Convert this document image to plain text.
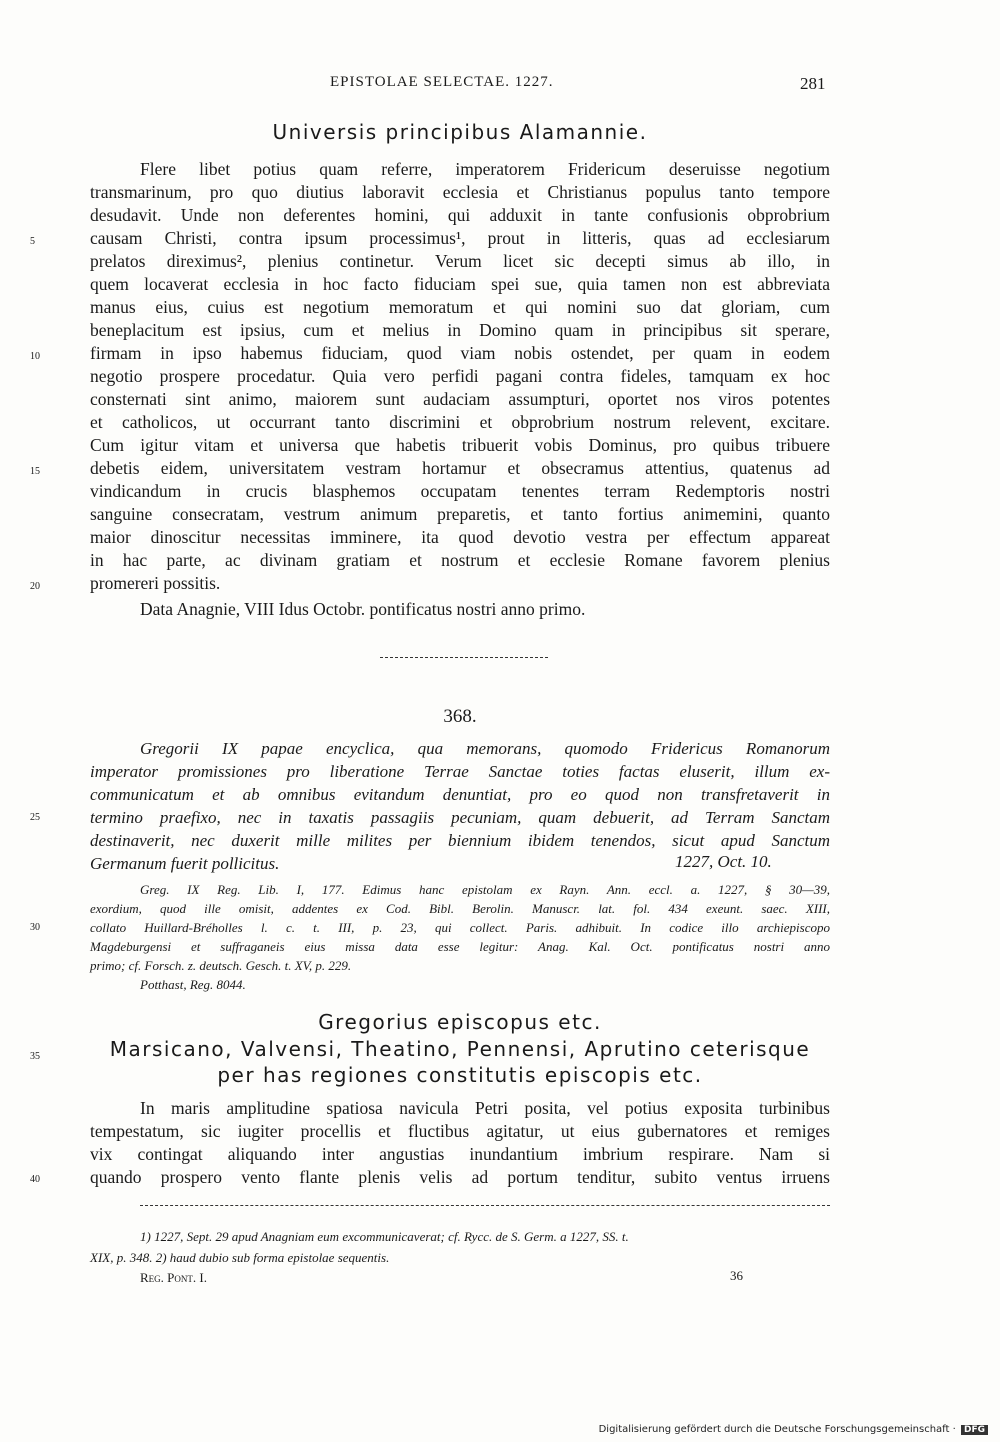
EPISTOLAE SELECTAE. 1227.	281
Universis principibus Alamannie.
Flere libet potius quam referre, imperatorem Fridericum deseruisse negotium
transmarinum, pro quo diutius laboravit ecclesia et Christianus populus tanto tempore
desudavit. Unde non deferentes homini, qui adduxit in tante confusionis obprobrium
causam Christi, contra ipsum processimus¹, prout in litteris, quas ad ecclesiarum
prelatos direximus², plenius continetur. Verum licet sic decepti simus ab illo, in
quem locaverat ecclesia in hoc facto fiduciam spei sue, quia tamen non est abbreviata
manus eius, cuius est negotium memoratum et qui nomini suo dat gloriam, cum
beneplacitum est ipsius, cum et melius in Domino quam in principibus sit sperare,
firmam in ipso habemus fiduciam, quod viam nobis ostendet, per quam in eodem
negotio prospere procedatur. Quia vero perfidi pagani contra fideles, tamquam ex hoc
consternati sint animo, maiorem sunt audaciam assumpturi, oportet nos viros potentes
et catholicos, ut occurrant tanto discrimini et obprobrium nostrum relevent, excitare.
Cum igitur vitam et universa que habetis tribuerit vobis Dominus, pro quibus tribuere
debetis eidem, universitatem vestram hortamur et obsecramus attentius, quatenus ad
vindicandum in crucis blasphemos occupatam tenentes terram Redemptoris nostri
sanguine consecratam, vestrum animum preparetis, et tanto fortius animemini, quanto
maior dinoscitur necessitas imminere, ita quod devotio vestra per effectum appareat
in hac parte, ac divinam gratiam et nostrum et ecclesie Romane favorem plenius
promereri possitis.
Data Anagnie, VIII Idus Octobr. pontificatus nostri anno primo.
5
10
15
20
25
30
35
40
368.
Gregorii IX papae encyclica, qua memorans, quomodo Fridericus Romanorum
imperator promissiones pro liberatione Terrae Sanctae toties factas eluserit, illum ex-
communicatum et ab omnibus evitandum denuntiat, pro eo quod non transfretaverit in
termino praefixo, nec in taxatis passagiis pecuniam, quam debuerit, ad Terram Sanctam
destinaverit, nec duxerit mille milites per biennium ibidem tenendos, sicut apud Sanctum
Germanum fuerit pollicitus.	1227, Oct. 10.
Greg. IX Reg. Lib. I, 177. Edimus hanc epistolam ex Rayn. Ann. eccl. a. 1227, § 30—39,
exordium, quod ille omisit, addentes ex Cod. Bibl. Berolin. Manuscr. lat. fol. 434 exeunt. saec. XIII,
collato Huillard-Bréholles l. c. t. III, p. 23, qui collect. Paris. adhibuit. In codice illo archiepiscopo
Magdeburgensi et suffraganeis eius missa data esse legitur: Anag. Kal. Oct. pontificatus nostri anno
primo; cf. Forsch. z. deutsch. Gesch. t. XV, p. 229.
Potthast, Reg. 8044.
Gregorius episcopus etc.
Marsicano, Valvensi, Theatino, Pennensi, Aprutino ceterisque
per has regiones constitutis episcopis etc.
In maris amplitudine spatiosa navicula Petri posita, vel potius exposita turbinibus
tempestatum, sic iugiter procellis et fluctibus agitatur, ut eius gubernatores et remiges
vix contingat aliquando inter angustias inundantium imbrium respirare. Nam si
quando prospero vento flante plenis velis ad portum tenditur, subito ventus irruens
1) 1227, Sept. 29 apud Anagniam eum excommunicaverat; cf. Rycc. de S. Germ. a 1227, SS. t.
XIX, p. 348. 2) haud dubio sub forma epistolae sequentis.
Reg. Pont. I.	36
Digitalisierung gefördert durch die Deutsche Forschungsgemeinschaft · DFG
